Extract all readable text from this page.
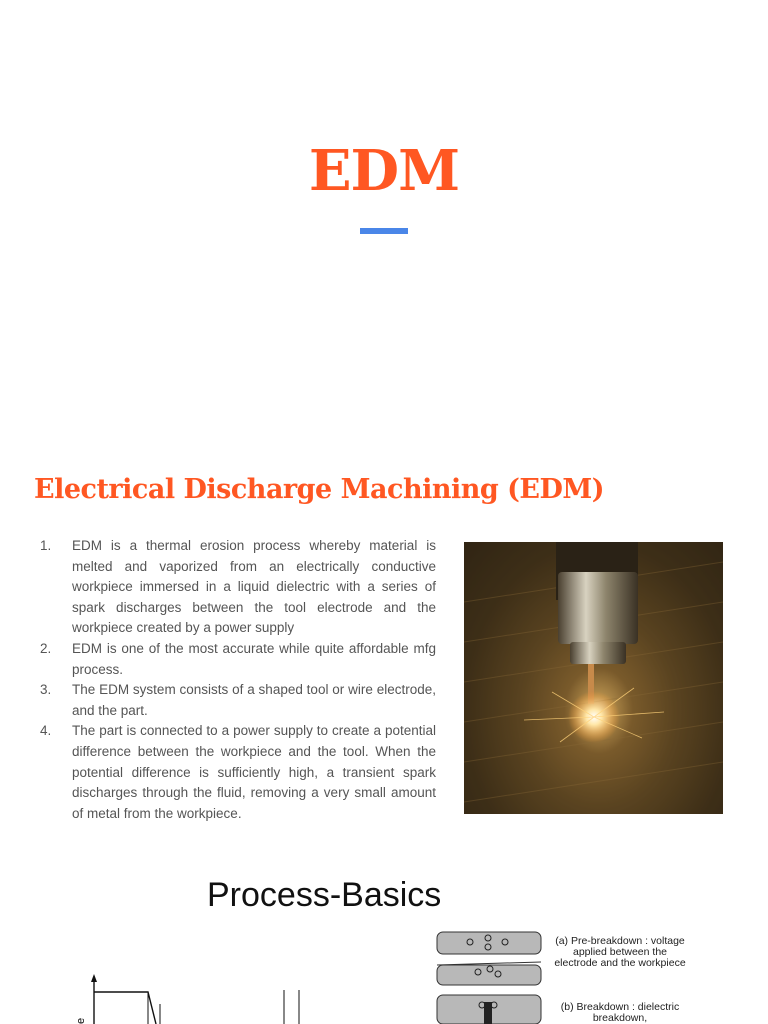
EDM
Electrical Discharge Machining (EDM)
1. EDM is a thermal erosion process whereby material is melted and vaporized from an electrically conductive workpiece immersed in a liquid dielectric with a series of spark discharges between the tool electrode and the workpiece created by a power supply
2. EDM is one of the most accurate while quite affordable mfg process.
3. The EDM system consists of a shaped tool or wire electrode, and the part.
4. The part is connected to a power supply to create a potential difference between the workpiece and the tool. When the potential difference is sufficiently high, a transient spark discharges through the fluid, removing a very small amount of metal from the workpiece.
Process-Basics
e
(a) Pre-breakdown : voltage applied between the electrode and the workpiece
(b) Breakdown : dielectric breakdown,
